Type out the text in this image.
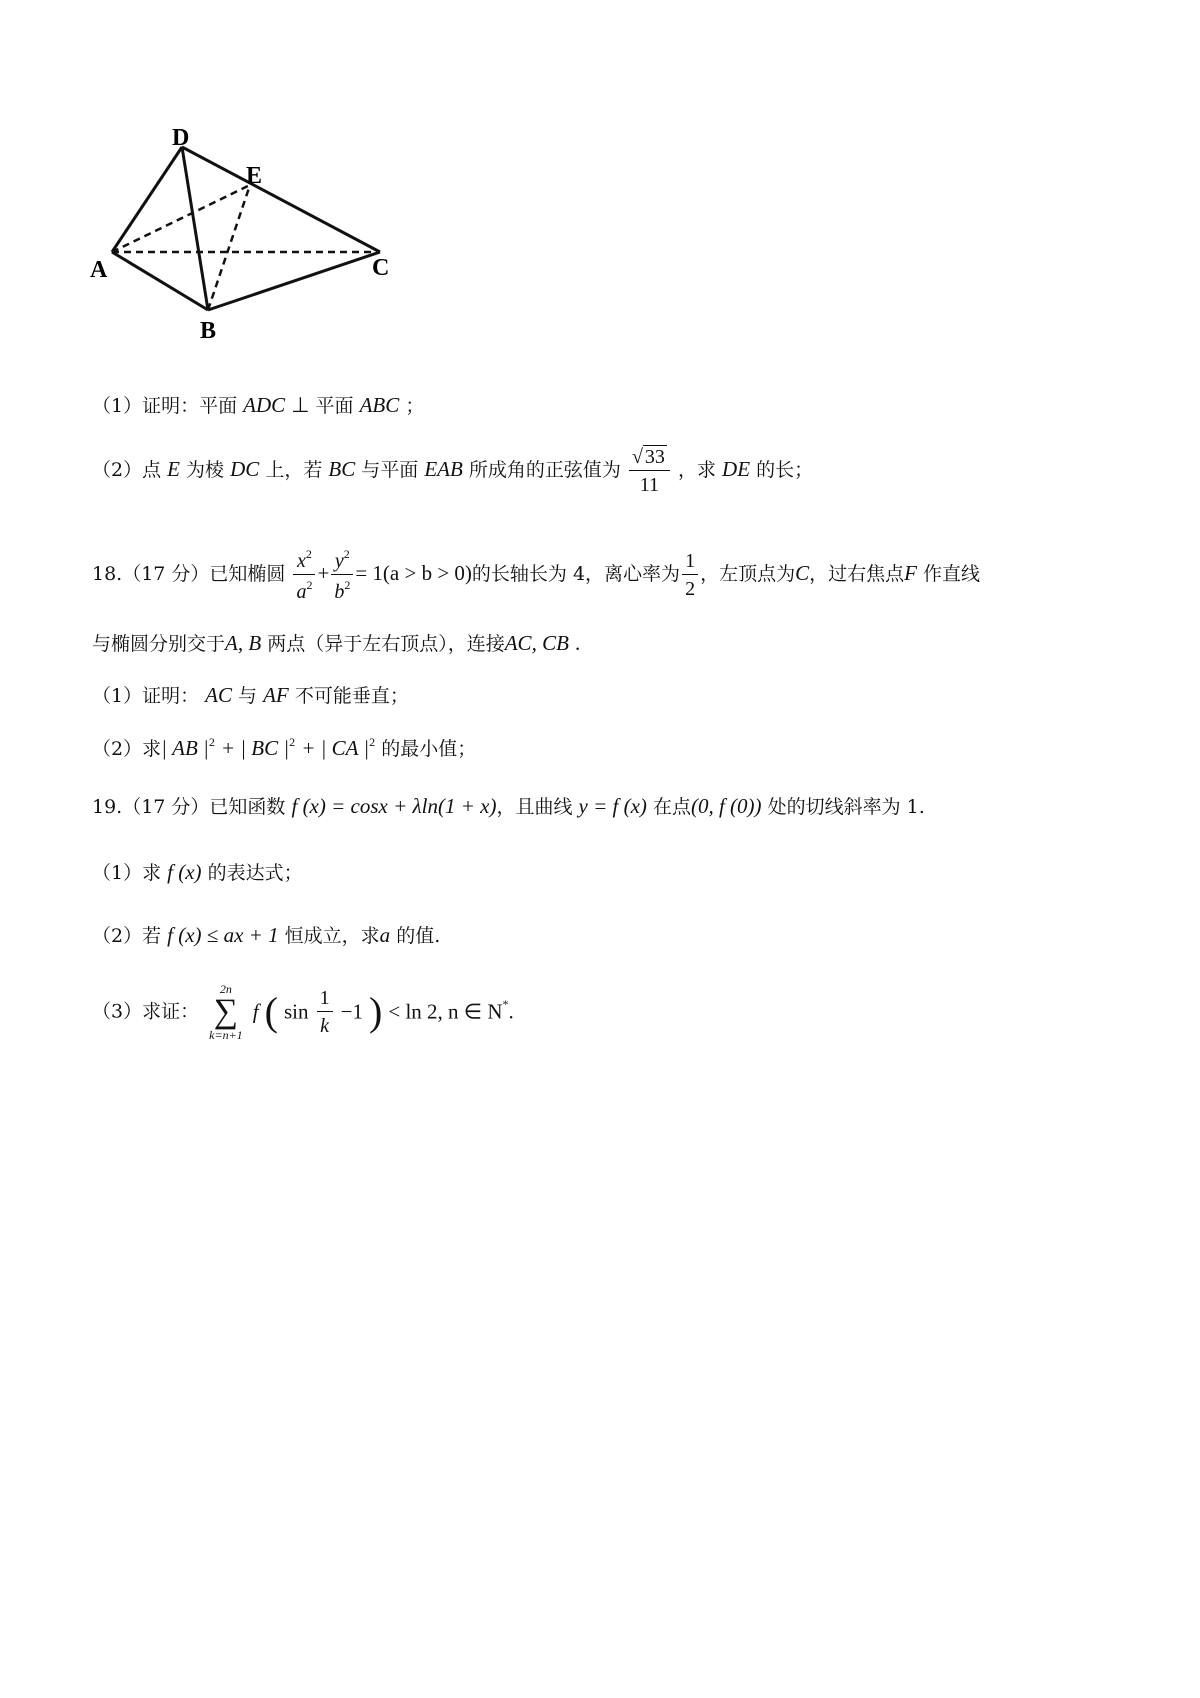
D
E
A	C
B
（1）证明：平面 ADC ⊥ 平面 ABC ；
（2）点 E 为棱 DC 上，若 BC 与平面 EAB 所成角的正弦值为 $\frac{√ 33}{11}$ ，求 DE 的长；
18.（17 分）已知椭圆 $\frac{x^2}{a^2} + \frac{y^2}{b^2} = 1(a > b > 0)$的长轴长为 4，离心率为 $\frac{1}{2}$ ，左顶点为C，过右焦点F 作直线
与椭圆分别交于A, B 两点（异于左右顶点），连接AC, CB .
（1）证明： AC 与 AF 不可能垂直；
（2）求| AB $|^2$ + | BC $|^2$ + | CA $|^2$ 的最小值；
19.（17 分）已知函数 f (x) = cosx + λln(1 + x)，且曲线 y = f (x) 在点(0, f (0)) 处的切线斜率为 1.
（1）求 f (x) 的表达式；
（2）若 f (x) ≤ ax + 1 恒成立，求a 的值.
（3）求证：
2n
∑
k=n+1
f ( $\sin \frac{1}{k} -1$ ) < ln 2, n ∈ N*.
